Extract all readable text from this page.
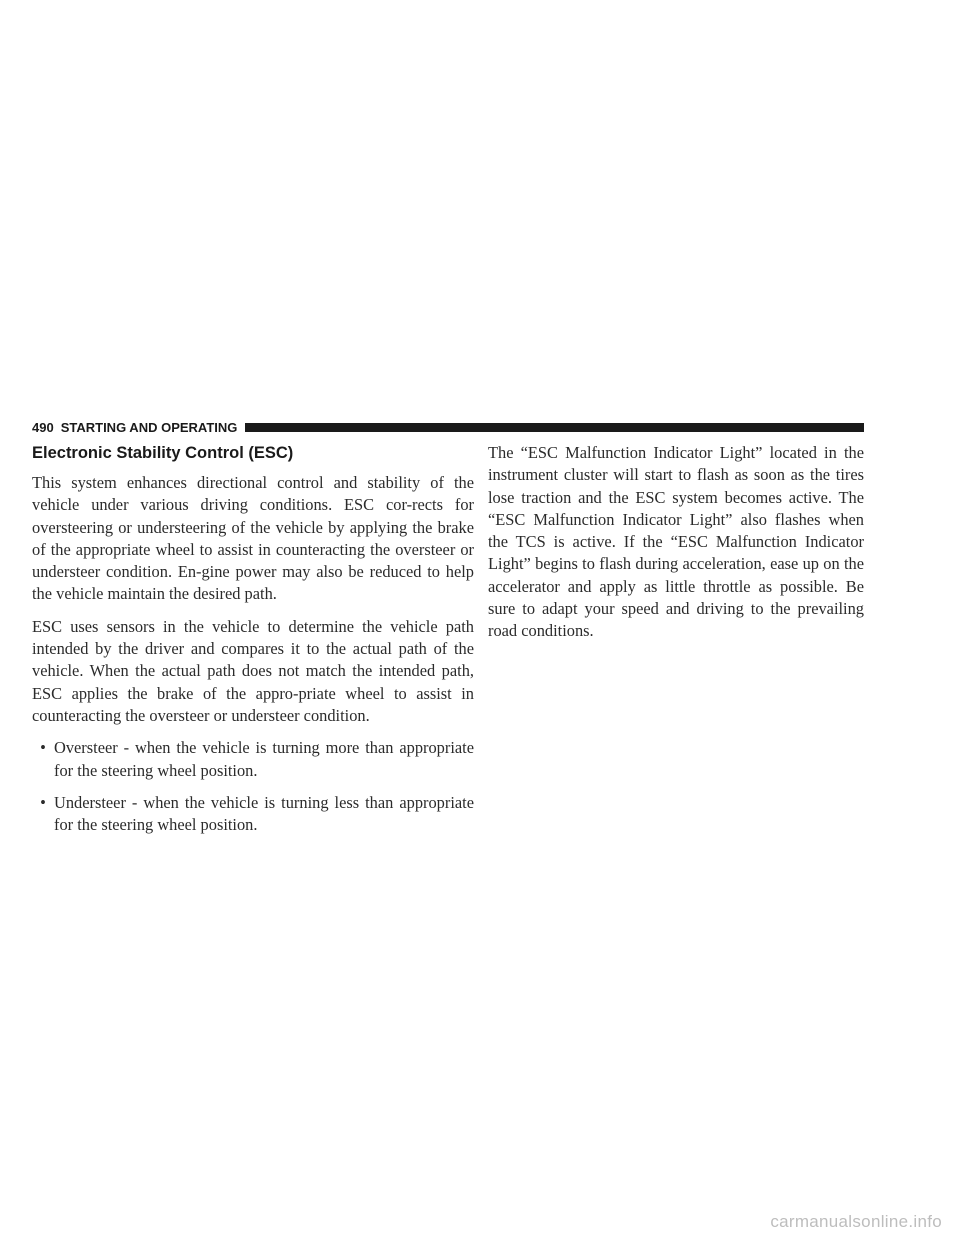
490 STARTING AND OPERATING
Electronic Stability Control (ESC)

This system enhances directional control and stability of the vehicle under various driving conditions. ESC cor-rects for oversteering or understeering of the vehicle by applying the brake of the appropriate wheel to assist in counteracting the oversteer or understeer condition. En-gine power may also be reduced to help the vehicle maintain the desired path.

ESC uses sensors in the vehicle to determine the vehicle path intended by the driver and compares it to the actual path of the vehicle. When the actual path does not match the intended path, ESC applies the brake of the appro-priate wheel to assist in counteracting the oversteer or understeer condition.

• Oversteer - when the vehicle is turning more than appropriate for the steering wheel position.
• Understeer - when the vehicle is turning less than appropriate for the steering wheel position.

The “ESC Malfunction Indicator Light” located in the instrument cluster will start to flash as soon as the tires lose traction and the ESC system becomes active. The “ESC Malfunction Indicator Light” also flashes when the TCS is active. If the “ESC Malfunction Indicator Light” begins to flash during acceleration, ease up on the accelerator and apply as little throttle as possible. Be sure to adapt your speed and driving to the prevailing road conditions.

carmanualsonline.info
